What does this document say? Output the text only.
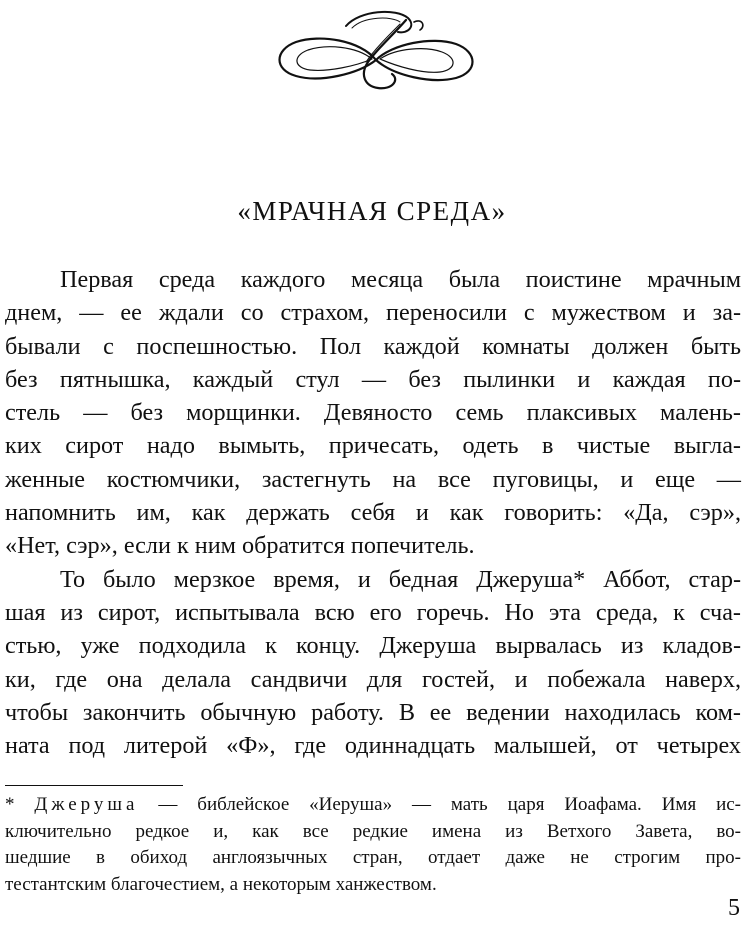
«МРАЧНАЯ СРЕДА»
Первая среда каждого месяца была поистине мрачным
днем, — ее ждали со страхом, переносили с мужеством и за-
бывали с поспешностью. Пол каждой комнаты должен быть
без пятнышка, каждый стул — без пылинки и каждая по-
стель — без морщинки. Девяносто семь плаксивых малень-
ких сирот надо вымыть, причесать, одеть в чистые выгла-
женные костюмчики, застегнуть на все пуговицы, и еще —
напомнить им, как держать себя и как говорить: «Да, сэр»,
«Нет, сэр», если к ним обратится попечитель.
То было мерзкое время, и бедная Джеруша* Аббот, стар-
шая из сирот, испытывала всю его горечь. Но эта среда, к сча-
стью, уже подходила к концу. Джеруша вырвалась из кладов-
ки, где она делала сандвичи для гостей, и побежала наверх,
чтобы закончить обычную работу. В ее ведении находилась ком-
ната под литерой «Ф», где одиннадцать малышей, от четырех
* Джеруша — библейское «Иеруша» — мать царя Иоафама. Имя ис-
ключительно редкое и, как все редкие имена из Ветхого Завета, во-
шедшие в обиход англоязычных стран, отдает даже не строгим про-
тестантским благочестием, а некоторым ханжеством.
5
